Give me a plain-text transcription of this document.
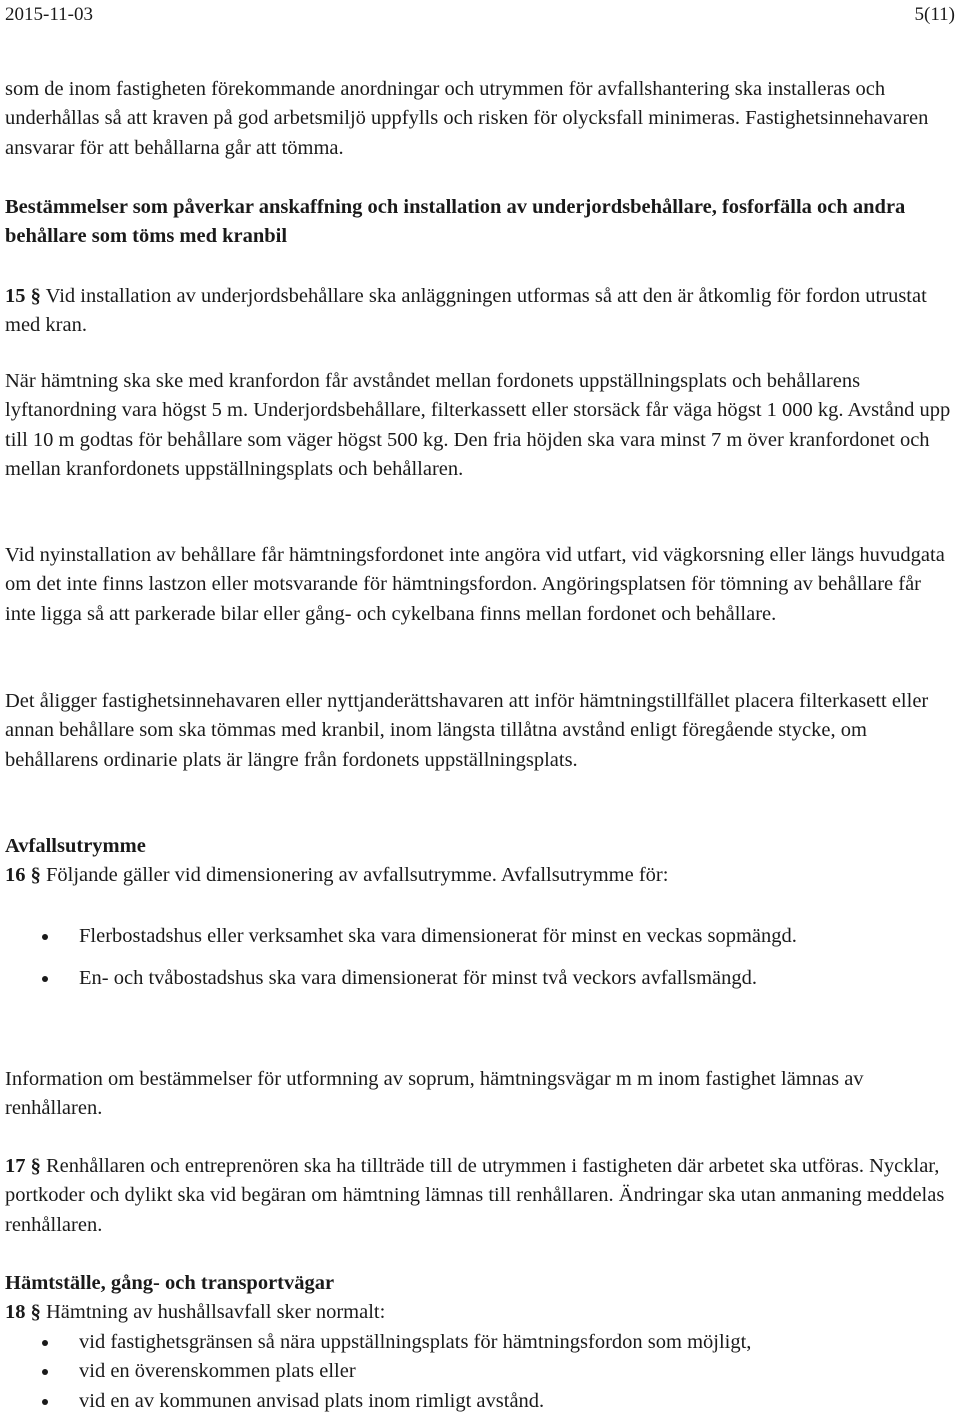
2015-11-03	5(11)

som de inom fastigheten förekommande anordningar och utrymmen för avfallshantering ska installeras och underhållas så att kraven på god arbetsmiljö uppfylls och risken för olycksfall minimeras. Fastighetsinnehavaren ansvarar för att behållarna går att tömma.

Bestämmelser som påverkar anskaffning och installation av underjordsbehållare, fosforfälla och andra behållare som töms med kranbil

15 § Vid installation av underjordsbehållare ska anläggningen utformas så att den är åtkomlig för fordon utrustat med kran.

När hämtning ska ske med kranfordon får avståndet mellan fordonets uppställningsplats och behållarens lyftanordning vara högst 5 m. Underjordsbehållare, filterkassett eller storsäck får väga högst 1 000 kg. Avstånd upp till 10 m godtas för behållare som väger högst 500 kg. Den fria höjden ska vara minst 7 m över kranfordonet och mellan kranfordonets uppställningsplats och behållaren.

Vid nyinstallation av behållare får hämtningsfordonet inte angöra vid utfart, vid vägkorsning eller längs huvudgata om det inte finns lastzon eller motsvarande för hämtningsfordon. Angöringsplatsen för tömning av behållare får inte ligga så att parkerade bilar eller gång- och cykelbana finns mellan fordonet och behållare.

Det åligger fastighetsinnehavaren eller nyttjanderättshavaren att inför hämtningstillfället placera filterkasett eller annan behållare som ska tömmas med kranbil, inom längsta tillåtna avstånd enligt föregående stycke, om behållarens ordinarie plats är längre från fordonets uppställningsplats.

Avfallsutrymme

16 § Följande gäller vid dimensionering av avfallsutrymme. Avfallsutrymme för:

Flerbostadshus eller verksamhet ska vara dimensionerat för minst en veckas sopmängd.
En- och tvåbostadshus ska vara dimensionerat för minst två veckors avfallsmängd.

Information om bestämmelser för utformning av soprum, hämtningsvägar m m inom fastighet lämnas av renhållaren.

17 § Renhållaren och entreprenören ska ha tillträde till de utrymmen i fastigheten där arbetet ska utföras. Nycklar, portkoder och dylikt ska vid begäran om hämtning lämnas till renhållaren. Ändringar ska utan anmaning meddelas renhållaren.

Hämtställe, gång- och transportvägar

18 § Hämtning av hushållsavfall sker normalt:

vid fastighetsgränsen så nära uppställningsplats för hämtningsfordon som möjligt,
vid en överenskommen plats eller
vid en av kommunen anvisad plats inom rimligt avstånd.
